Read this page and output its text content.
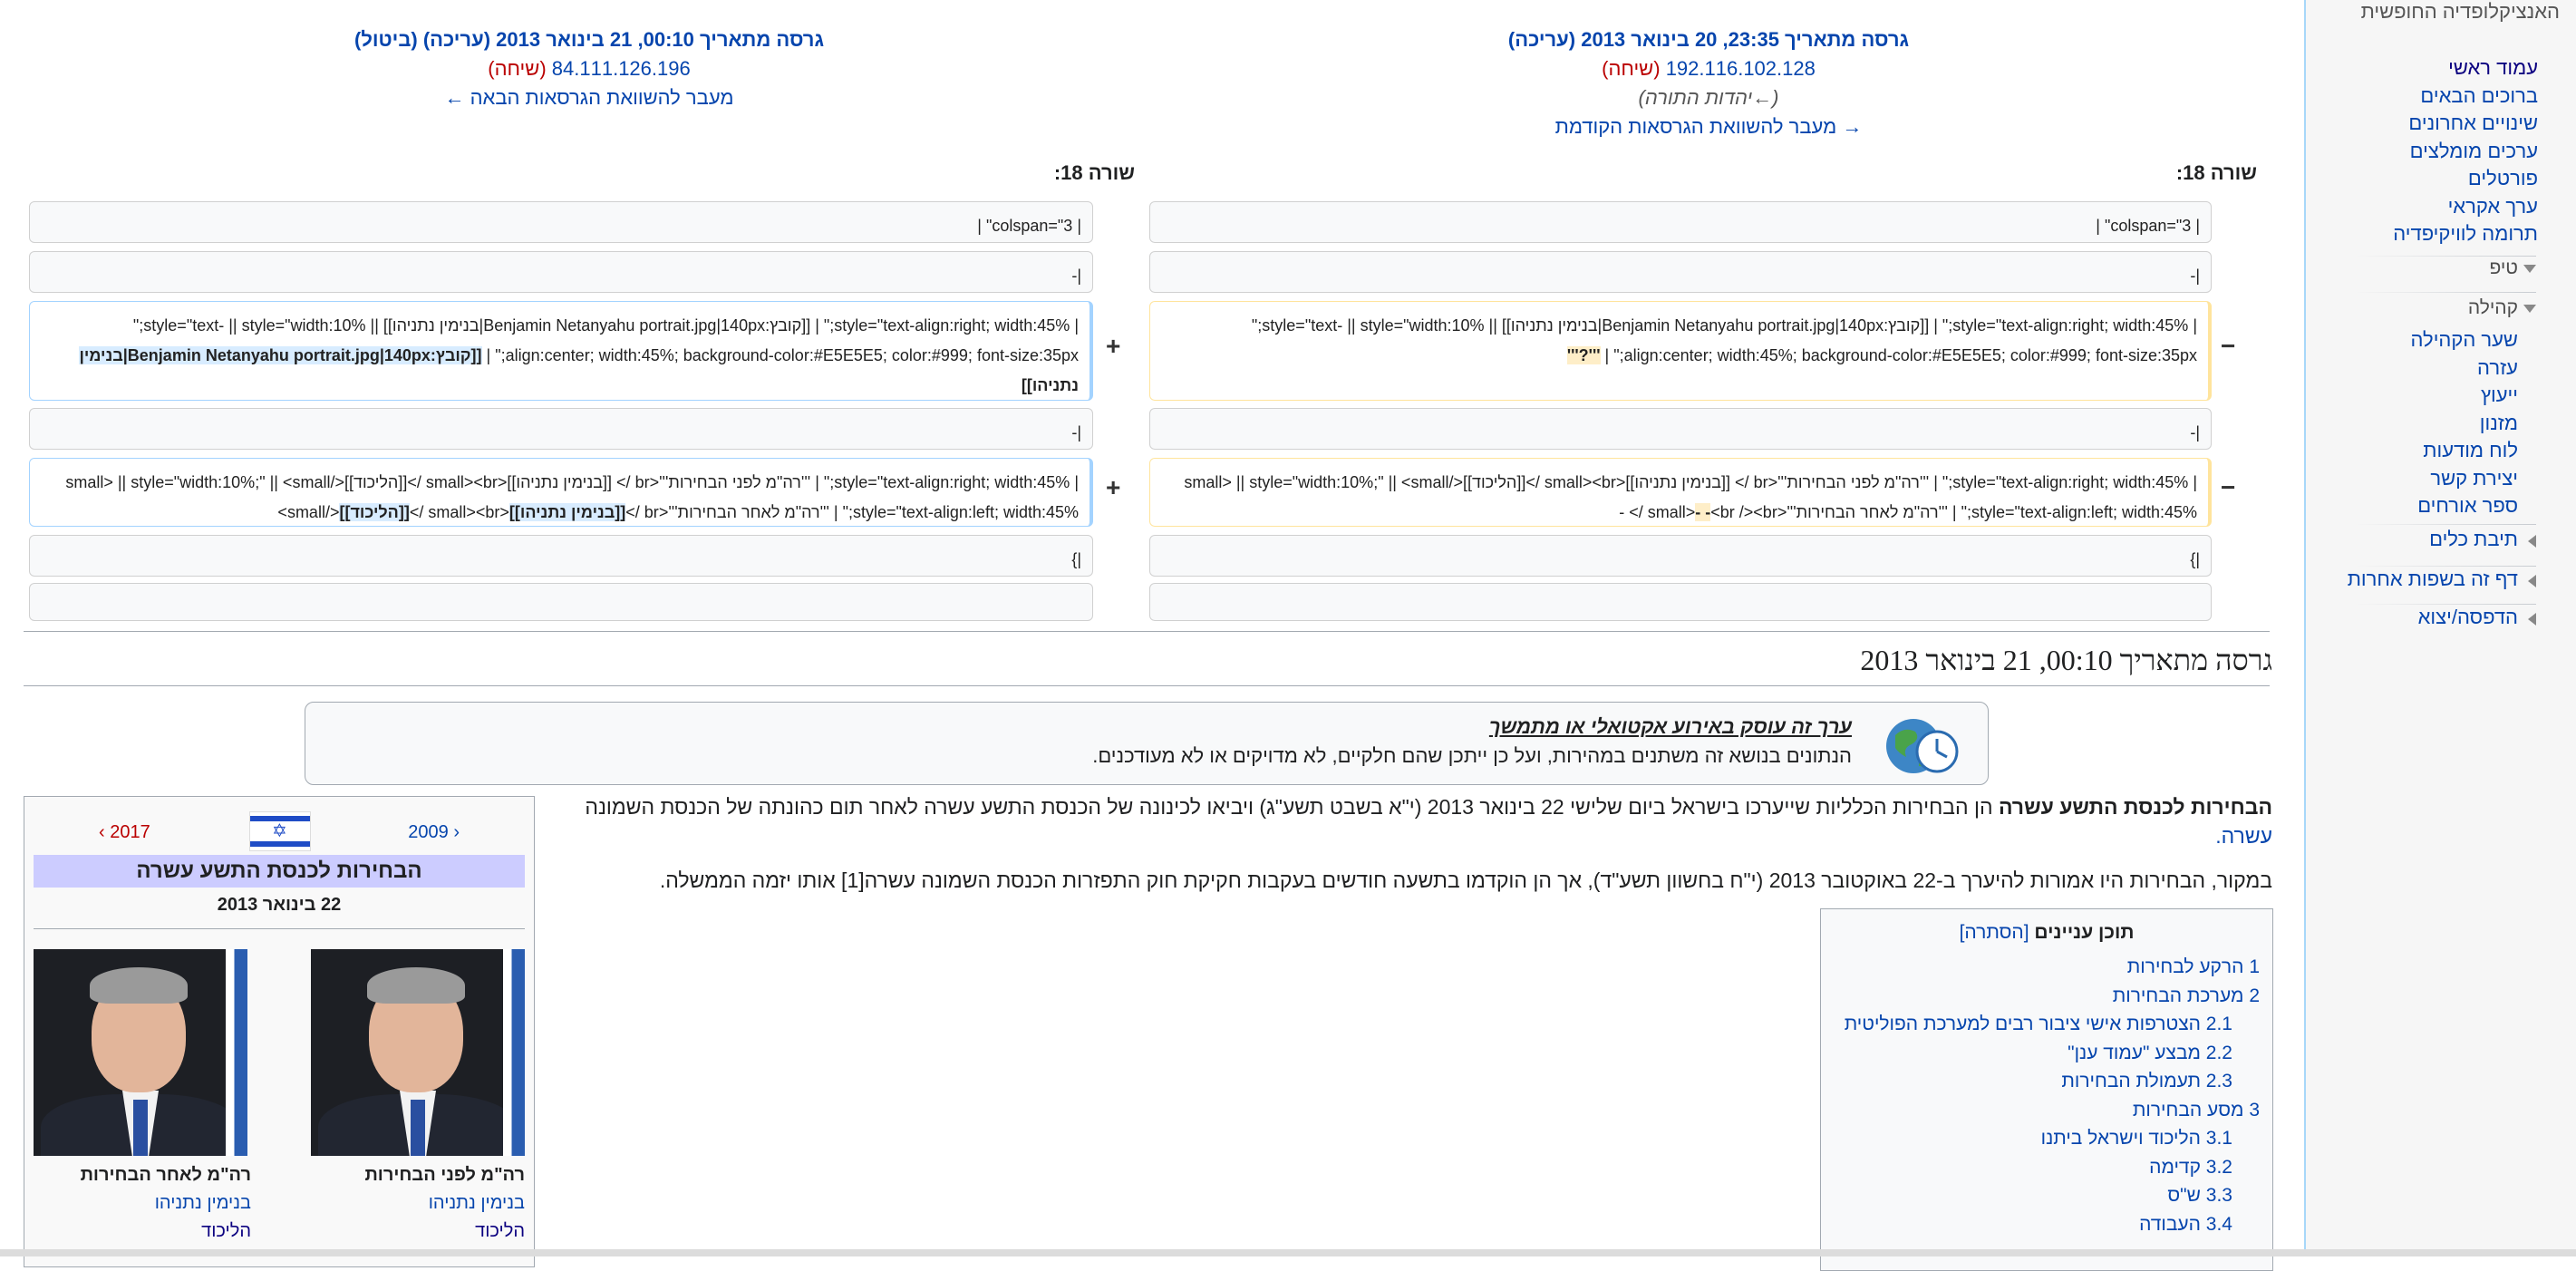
האנציקלופדיה החופשית
עמוד ראשי
ברוכים הבאים
שינויים אחרונים
ערכים מומלצים
פורטלים
ערך אקראי
תרומה לוויקיפדיה
טיפ
קהילה
שער הקהילה
עזרה
ייעוץ
מזנון
לוח מודעות
יצירת קשר
ספר אורחים
תיבת כלים
דף זה בשפות אחרות
הדפסה/יצוא
גרסה מתאריך 23:35, 20 בינואר 2013 (עריכה)
192.116.102.128 (שיחה)
(←יהדות התורה)
→ מעבר להשוואת הגרסאות הקודמת
גרסה מתאריך 00:10, 21 בינואר 2013 (עריכה) (ביטול)
84.111.126.196 (שיחה)
מעבר להשוואת הגרסאות הבאה ←
שורה 18:
שורה 18:
| colspan="3" |
|-
| style="text-align:right; width:45%;" | [[קובץ:Benjamin Netanyahu portrait.jpg|140px|בנימין נתניהו]] || style="text- || style="width:10%;"
align:center; width:45%; background-color:#E5E5E5; color:#999; font-size:35px;" | '''?'''	−
|-
| style="text-align:right; width:45%;" | '''רה"מ לפני הבחירות'''<br /> [[בנימין נתניהו]]<small><br />[[הליכוד]]</small> || style="width:10%;" || <small
style="text-align:left; width:45%;" | '''רה"מ לאחר הבחירות'''<small>- -<br /><br /> -
−
|}
| colspan="3" |
|-
| style="text-align:right; width:45%;" | [[קובץ:Benjamin Netanyahu portrait.jpg|140px|בנימין נתניהו]] || style="text- || style="width:10%;"
align:center; width:45%; background-color:#E5E5E5; color:#999; font-size:35px;" | [[קובץ:Benjamin Netanyahu portrait.jpg|140px|בנימין
נתניהו]]
+
|-
| style="text-align:right; width:45%;" | '''רה"מ לפני הבחירות'''<br /> [[בנימין נתניהו]]<small><br />[[הליכוד]]</small> || style="width:10%;" || <small
style="text-align:left; width:45%;" | '''רה"מ לאחר הבחירות'''<br />[[בנימין נתניהו]]<small><br />[[הליכוד]]</small>
+
|}
גרסה מתאריך 00:10, 21 בינואר 2013
ערך זה עוסק באירוע אקטואלי או מתמשך
הנתונים בנושא זה משתנים במהירות, ועל כן ייתכן שהם חלקיים, לא מדויקים או לא מעודכנים.
הבחירות לכנסת התשע עשרה הן הבחירות הכלליות שייערכו בישראל ביום שלישי 22 בינואר 2013 (י"א בשבט תשע"ג) ויביאו לכינונה של הכנסת התשע עשרה לאחר תום כהונתה של הכנסת השמונה
עשרה.
במקור, הבחירות היו אמורות להיערך ב-22 באוקטובר 2013 (י"ח בחשוון תשע"ד), אך הן הוקדמו בתשעה חודשים בעקבות חקיקת חוק התפזרות הכנסת השמונה עשרה[1] אותו יזמה הממשלה.
תוכן עניינים [הסתרה]
1 הרקע לבחירות
2 מערכת הבחירות
2.1 הצטרפות אישי ציבור רבים למערכת הפוליטית
2.2 מבצע "עמוד ענן"
2.3 תעמולת הבחירות
3 מסע הבחירות
3.1 הליכוד וישראל ביתנו
3.2 קדימה
3.3 ש"ס
3.4 העבודה
‹ 2009
2017 ›	✡
הבחירות לכנסת התשע עשרה
22 בינואר 2013
רה"מ לפני הבחירות
בנימין נתניהו
הליכוד
רה"מ לאחר הבחירות
בנימין נתניהו
הליכוד
